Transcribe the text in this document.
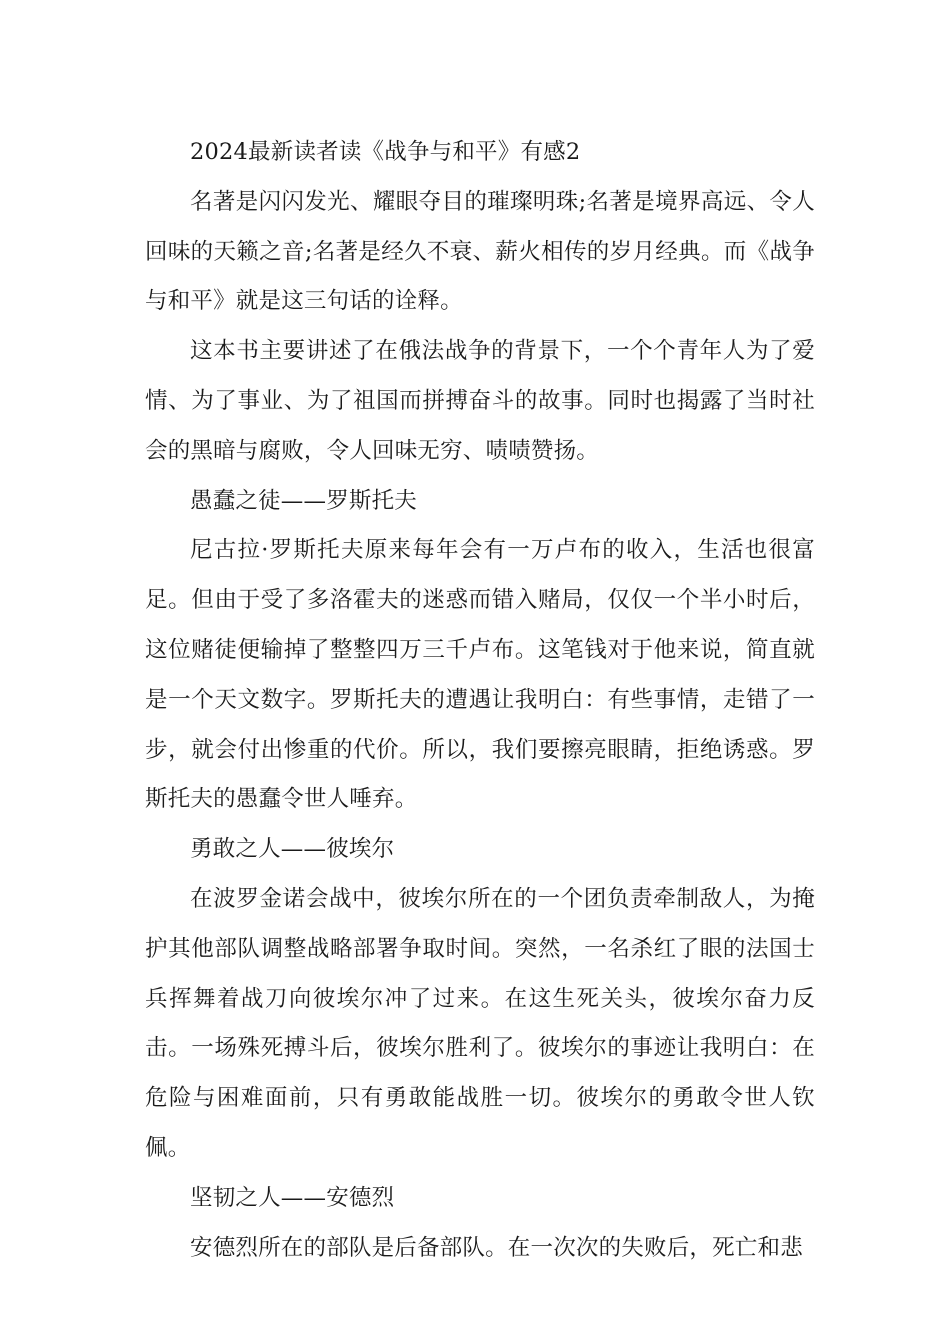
2024最新读者读《战争与和平》有感2

名著是闪闪发光、耀眼夺目的璀璨明珠;名著是境界高远、令人回味的天籁之音;名著是经久不衰、薪火相传的岁月经典。而《战争与和平》就是这三句话的诠释。

这本书主要讲述了在俄法战争的背景下，一个个青年人为了爱情、为了事业、为了祖国而拼搏奋斗的故事。同时也揭露了当时社会的黑暗与腐败，令人回味无穷、啧啧赞扬。

愚蠢之徒——罗斯托夫

尼古拉·罗斯托夫原来每年会有一万卢布的收入，生活也很富足。但由于受了多洛霍夫的迷惑而错入赌局，仅仅一个半小时后，这位赌徒便输掉了整整四万三千卢布。这笔钱对于他来说，简直就是一个天文数字。罗斯托夫的遭遇让我明白：有些事情，走错了一步，就会付出惨重的代价。所以，我们要擦亮眼睛，拒绝诱惑。罗斯托夫的愚蠢令世人唾弃。

勇敢之人——彼埃尔

在波罗金诺会战中，彼埃尔所在的一个团负责牵制敌人，为掩护其他部队调整战略部署争取时间。突然，一名杀红了眼的法国士兵挥舞着战刀向彼埃尔冲了过来。在这生死关头，彼埃尔奋力反击。一场殊死搏斗后，彼埃尔胜利了。彼埃尔的事迹让我明白：在危险与困难面前，只有勇敢能战胜一切。彼埃尔的勇敢令世人钦佩。

坚韧之人——安德烈

安德烈所在的部队是后备部队。在一次次的失败后，死亡和悲
